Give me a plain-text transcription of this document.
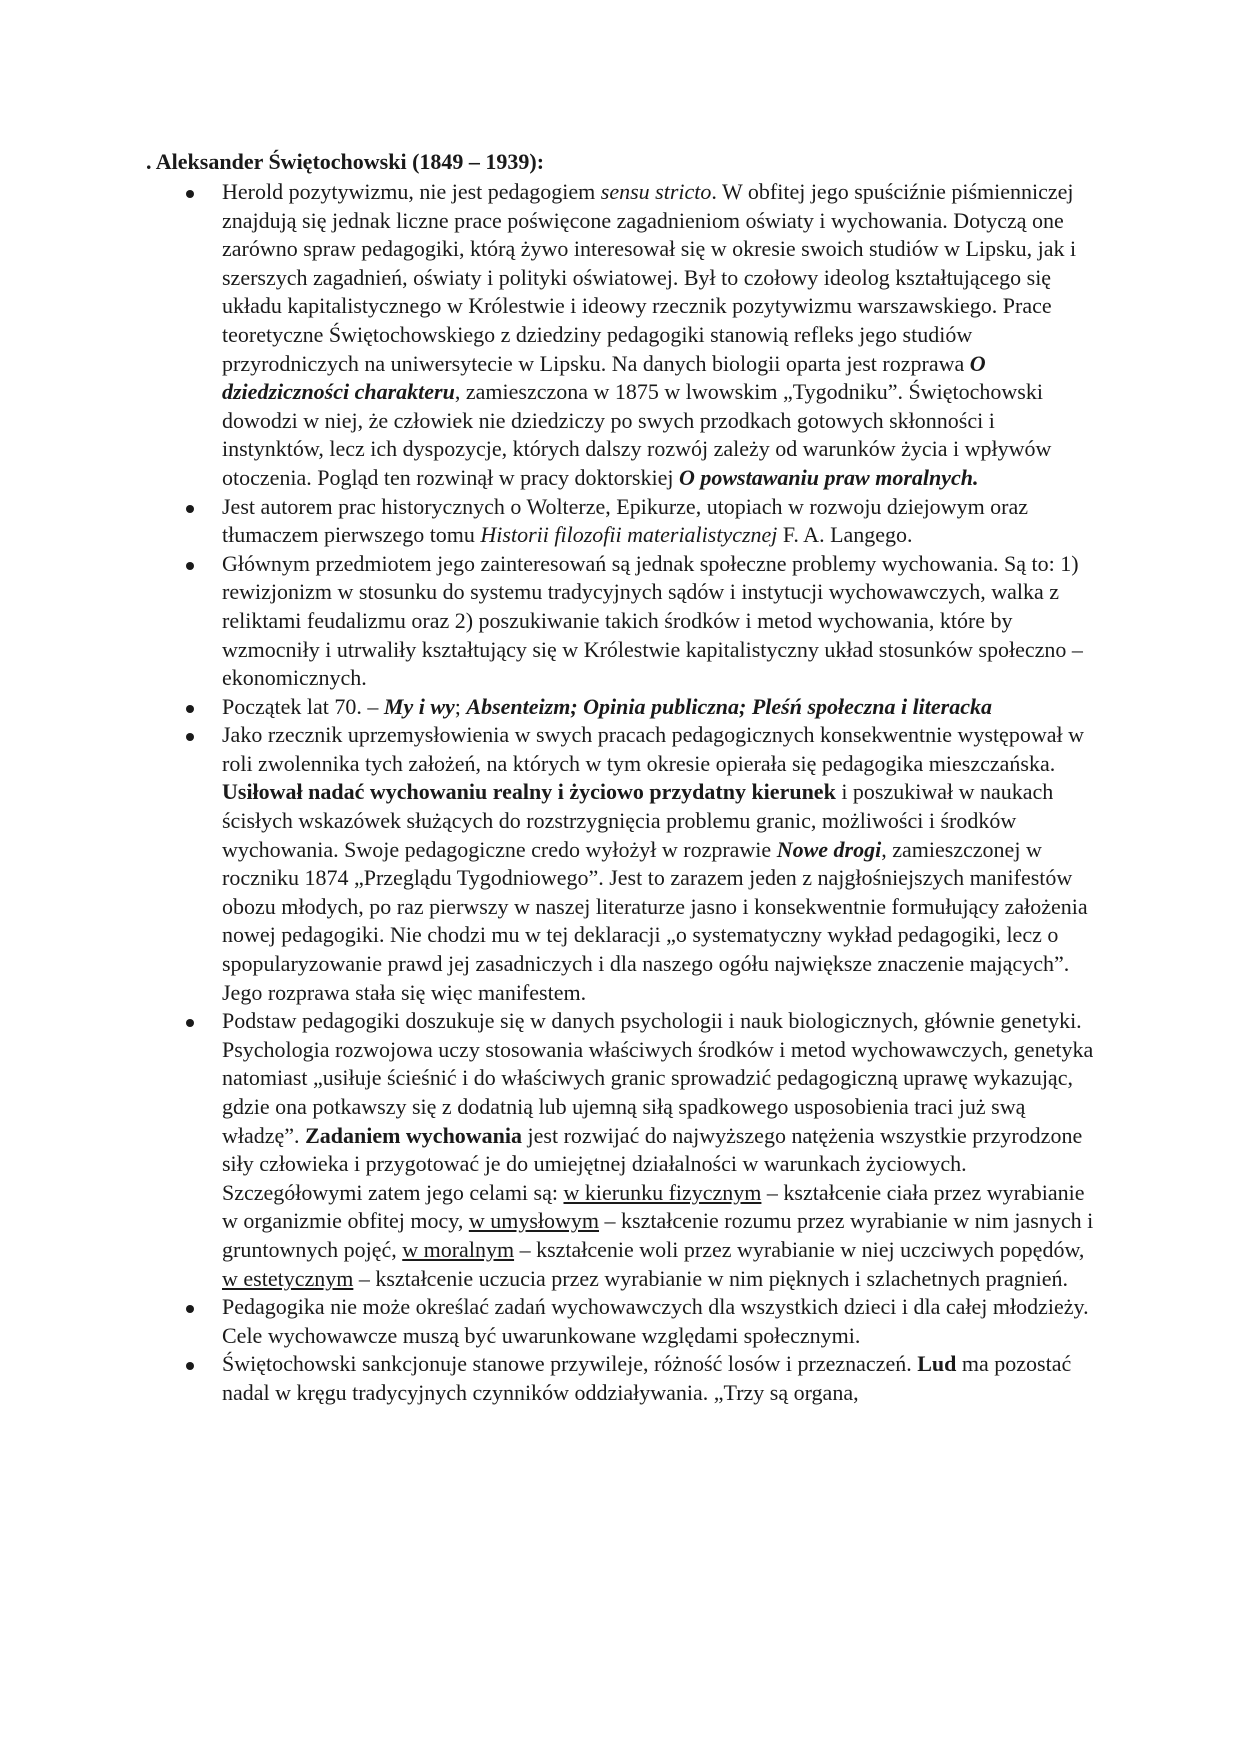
. Aleksander Świętochowski (1849 – 1939):
Herold pozytywizmu, nie jest pedagogiem sensu stricto. W obfitej jego spuściźnie piśmienniczej znajdują się jednak liczne prace poświęcone zagadnieniom oświaty i wychowania. Dotyczą one zarówno spraw pedagogiki, którą żywo interesował się w okresie swoich studiów w Lipsku, jak i szerszych zagadnień, oświaty i polityki oświatowej. Był to czołowy ideolog kształtującego się układu kapitalistycznego w Królestwie i ideowy rzecznik pozytywizmu warszawskiego. Prace teoretyczne Świętochowskiego z dziedziny pedagogiki stanowią refleks jego studiów przyrodniczych na uniwersytecie w Lipsku. Na danych biologii oparta jest rozprawa O dziedziczności charakteru, zamieszczona w 1875 w lwowskim „Tygodniku”. Świętochowski dowodzi w niej, że człowiek nie dziedziczy po swych przodkach gotowych skłonności i instynktów, lecz ich dyspozycje, których dalszy rozwój zależy od warunków życia i wpływów otoczenia. Pogląd ten rozwinął w pracy doktorskiej O powstawaniu praw moralnych.
Jest autorem prac historycznych o Wolterze, Epikurze, utopiach w rozwoju dziejowym oraz tłumaczem pierwszego tomu Historii filozofii materialistycznej F. A. Langego.
Głównym przedmiotem jego zainteresowań są jednak społeczne problemy wychowania. Są to: 1) rewizjonizm w stosunku do systemu tradycyjnych sądów i instytucji wychowawczych, walka z reliktami feudalizmu oraz 2) poszukiwanie takich środków i metod wychowania, które by wzmocniły i utrwaliły kształtujący się w Królestwie kapitalistyczny układ stosunków społeczno – ekonomicznych.
Początek lat 70. – My i wy; Absenteizm; Opinia publiczna; Pleśń społeczna i literacka
Jako rzecznik uprzemysłowienia w swych pracach pedagogicznych konsekwentnie występował w roli zwolennika tych założeń, na których w tym okresie opierała się pedagogika mieszczańska. Usiłował nadać wychowaniu realny i życiowo przydatny kierunek i poszukiwał w naukach ścisłych wskazówek służących do rozstrzygnięcia problemu granic, możliwości i środków wychowania. Swoje pedagogiczne credo wyłożył w rozprawie Nowe drogi, zamieszczonej w roczniku 1874 „Przeglądu Tygodniowego”. Jest to zarazem jeden z najgłośniejszych manifestów obozu młodych, po raz pierwszy w naszej literaturze jasno i konsekwentnie formułujący założenia nowej pedagogiki. Nie chodzi mu w tej deklaracji „o systematyczny wykład pedagogiki, lecz o spopularyzowanie prawd jej zasadniczych i dla naszego ogółu największe znaczenie mających”. Jego rozprawa stała się więc manifestem.
Podstaw pedagogiki doszukuje się w danych psychologii i nauk biologicznych, głównie genetyki. Psychologia rozwojowa uczy stosowania właściwych środków i metod wychowawczych, genetyka natomiast „usiłuje ścieśnić i do właściwych granic sprowadzić pedagogiczną uprawę wykazując, gdzie ona potkawszy się z dodatnią lub ujemną siłą spadkowego usposobienia traci już swą władzę”. Zadaniem wychowania jest rozwijać do najwyższego natężenia wszystkie przyrodzone siły człowieka i przygotować je do umiejętnej działalności w warunkach życiowych. Szczegółowymi zatem jego celami są: w kierunku fizycznym – kształcenie ciała przez wyrabianie w organizmie obfitej mocy, w umysłowym – kształcenie rozumu przez wyrabianie w nim jasnych i gruntownych pojęć, w moralnym – kształcenie woli przez wyrabianie w niej uczciwych popędów, w estetycznym – kształcenie uczucia przez wyrabianie w nim pięknych i szlachetnych pragnień.
Pedagogika nie może określać zadań wychowawczych dla wszystkich dzieci i dla całej młodzieży. Cele wychowawcze muszą być uwarunkowane względami społecznymi.
Świętochowski sankcjonuje stanowe przywileje, różność losów i przeznaczeń. Lud ma pozostać nadal w kręgu tradycyjnych czynników oddziaływania. „Trzy są organa,
